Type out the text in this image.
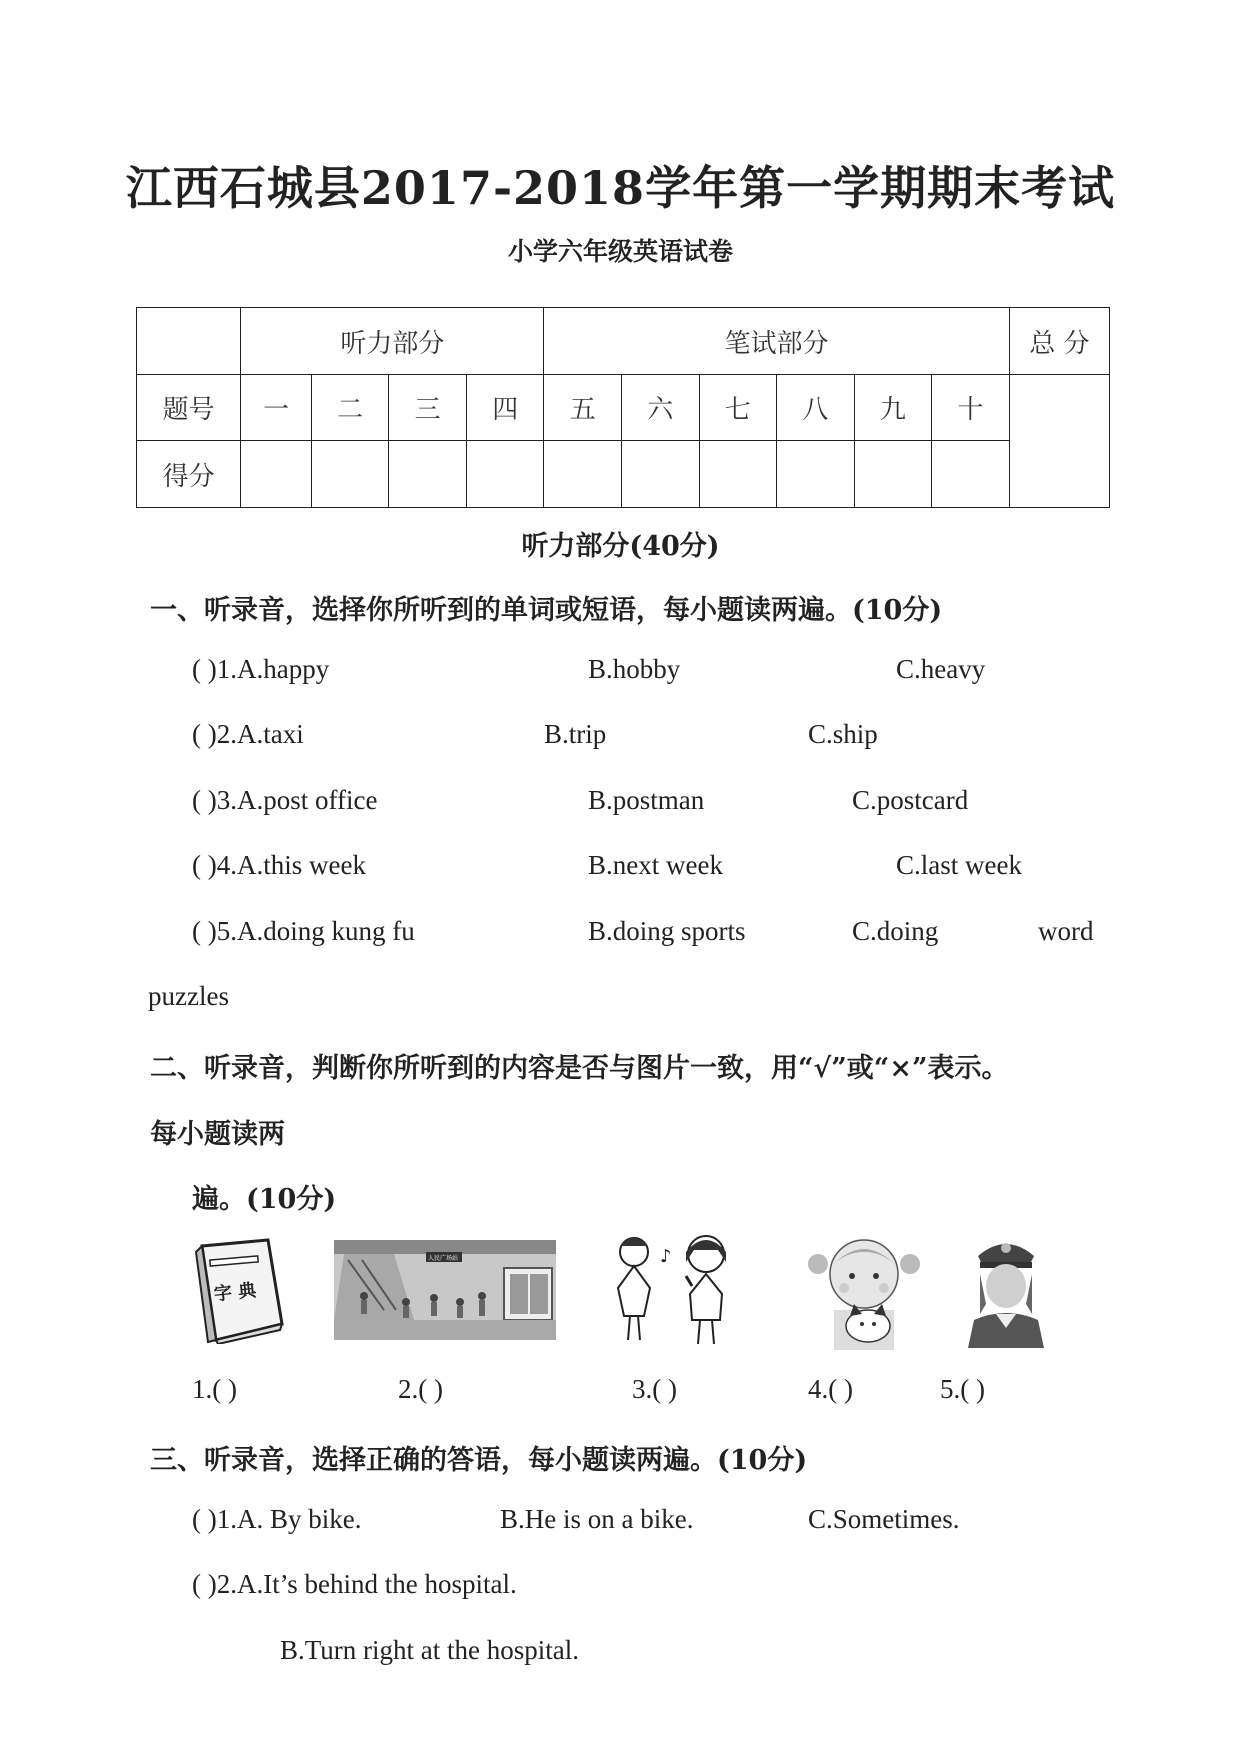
江西石城县2017-2018学年第一学期期末考试
小学六年级英语试卷
	听力部分				笔试部分						总 分
题号	一	二	三	四	五	六	七	八	九	十	
得分											
听力部分(40分)
一、听录音，选择你所听到的单词或短语，每小题读两遍。(10分)
( )1.A.happy	B.hobby	C.heavy
( )2.A.taxi	B.trip	C.ship
( )3.A.post office	B.postman	C.postcard
( )4.A.this week	B.next week	C.last week
( )5.A.doing kung fu	B.doing sports	C.doing	word
puzzles
二、听录音，判断你所听到的内容是否与图片一致，用“√”或“×”表示。
每小题读两
遍。(10分)
字 典
人民广场站	♪
1.( )	2.( )	3.( )	4.( )	5.( )
三、听录音，选择正确的答语，每小题读两遍。(10分)
( )1.A. By bike.	B.He is on a bike.	C.Sometimes.
( )2.A.It’s behind the hospital.
B.Turn right at the hospital.
